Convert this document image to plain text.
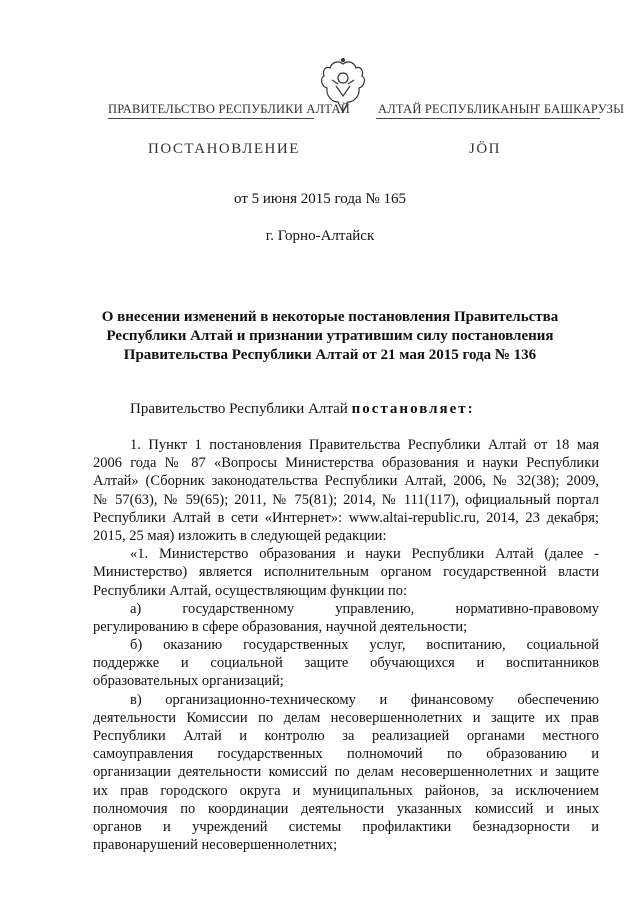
ПРАВИТЕЛЬСТВО РЕСПУБЛИКИ АЛТАЙ АЛТАЙ РЕСПУБЛИКАНЫҤ БАШКАРУЗЫ
ПОСТАНОВЛЕНИЕ	JÖП
от 5 июня 2015 года № 165
г. Горно-Алтайск
О внесении изменений в некоторые постановления Правительства
Республики Алтай и признании утратившим силу постановления
Правительства Республики Алтай от 21 мая 2015 года № 136
Правительство Республики Алтай постановляет:
1. Пункт 1 постановления Правительства Республики Алтай от 18 мая
2006 года № 87 «Вопросы Министерства образования и науки Республики
Алтай» (Сборник законодательства Республики Алтай, 2006, № 32(38); 2009,
№ 57(63), № 59(65); 2011, № 75(81); 2014, № 111(117), официальный портал
Республики Алтай в сети «Интернет»: www.altai-republic.ru, 2014, 23 декабря;
2015, 25 мая) изложить в следующей редакции:
«1. Министерство образования и науки Республики Алтай (далее -
Министерство) является исполнительным органом государственной власти
Республики Алтай, осуществляющим функции по:
а) государственному управлению, нормативно-правовому
регулированию в сфере образования, научной деятельности;
б) оказанию государственных услуг, воспитанию, социальной
поддержке и социальной защите обучающихся и воспитанников
образовательных организаций;
в) организационно-техническому и финансовому обеспечению
деятельности Комиссии по делам несовершеннолетних и защите их прав
Республики Алтай и контролю за реализацией органами местного
самоуправления государственных полномочий по образованию и
организации деятельности комиссий по делам несовершеннолетних и защите
их прав городского округа и муниципальных районов, за исключением
полномочия по координации деятельности указанных комиссий и иных
органов и учреждений системы профилактики безнадзорности и
правонарушений несовершеннолетних;
